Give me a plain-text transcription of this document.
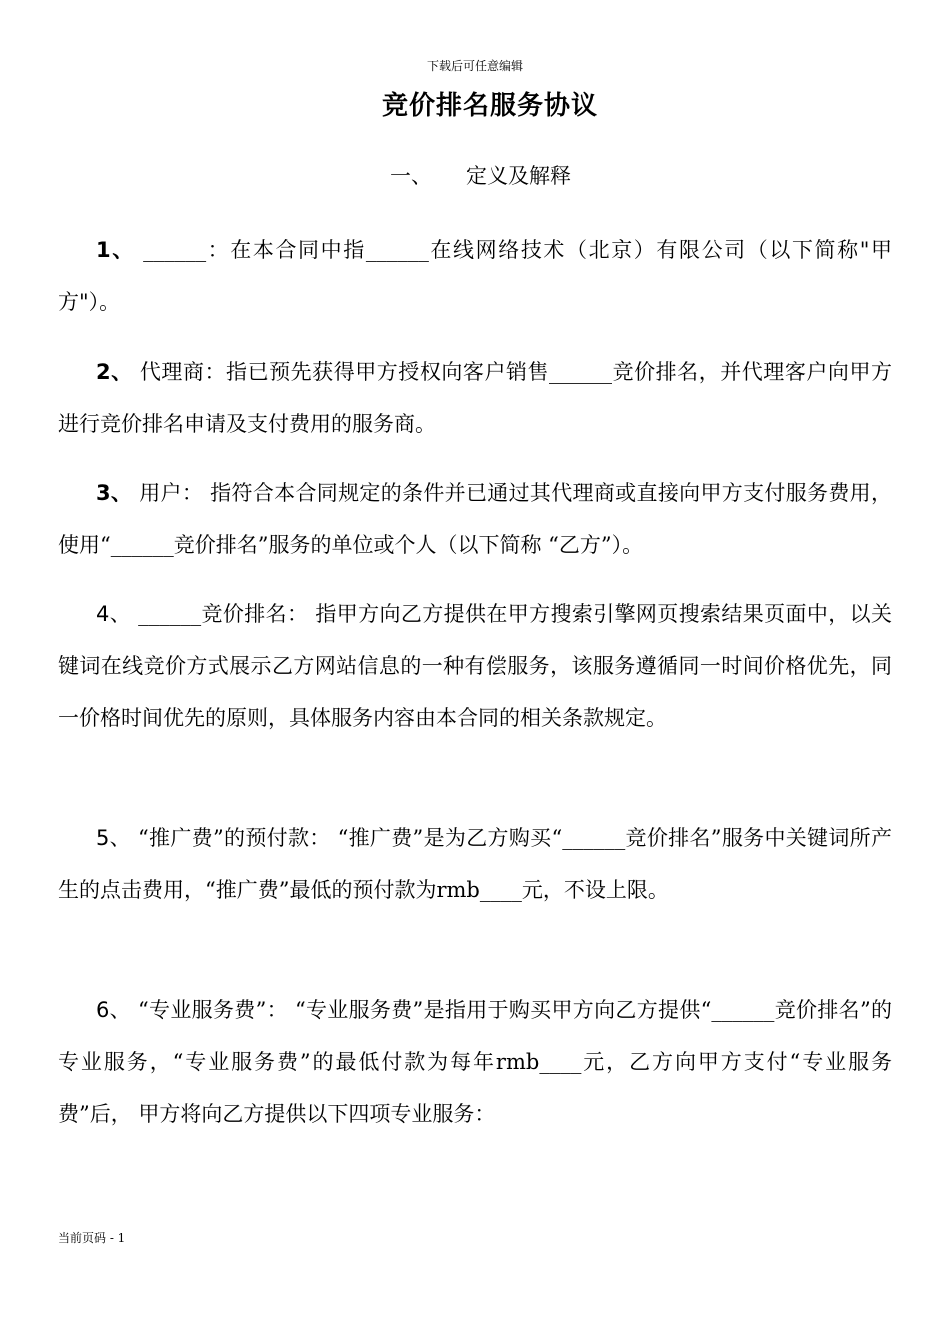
下载后可任意编辑
竞价排名服务协议
一、 定义及解释

1、 ______：在本合同中指______在线网络技术（北京）有限公司（以下简称"甲方"）。

2、 代理商：指已预先获得甲方授权向客户销售______竞价排名，并代理客户向甲方进行竞价排名申请及支付费用的服务商。

3、 用户： 指符合本合同规定的条件并已通过其代理商或直接向甲方支付服务费用，使用“______竞价排名”服务的单位或个人（以下简称 “乙方”）。

4、 ______竞价排名： 指甲方向乙方提供在甲方搜索引擎网页搜索结果页面中，以关键词在线竞价方式展示乙方网站信息的一种有偿服务，该服务遵循同一时间价格优先，同一价格时间优先的原则，具体服务内容由本合同的相关条款规定。

5、 “推广费”的预付款： “推广费”是为乙方购买“______竞价排名”服务中关键词所产生的点击费用，“推广费”最低的预付款为rmb____元，不设上限。

6、 “专业服务费”： “专业服务费”是指用于购买甲方向乙方提供“______竞价排名”的专业服务，“专业服务费”的最低付款为每年rmb____元，乙方向甲方支付“专业服务费”后， 甲方将向乙方提供以下四项专业服务：

当前页码 - 1
